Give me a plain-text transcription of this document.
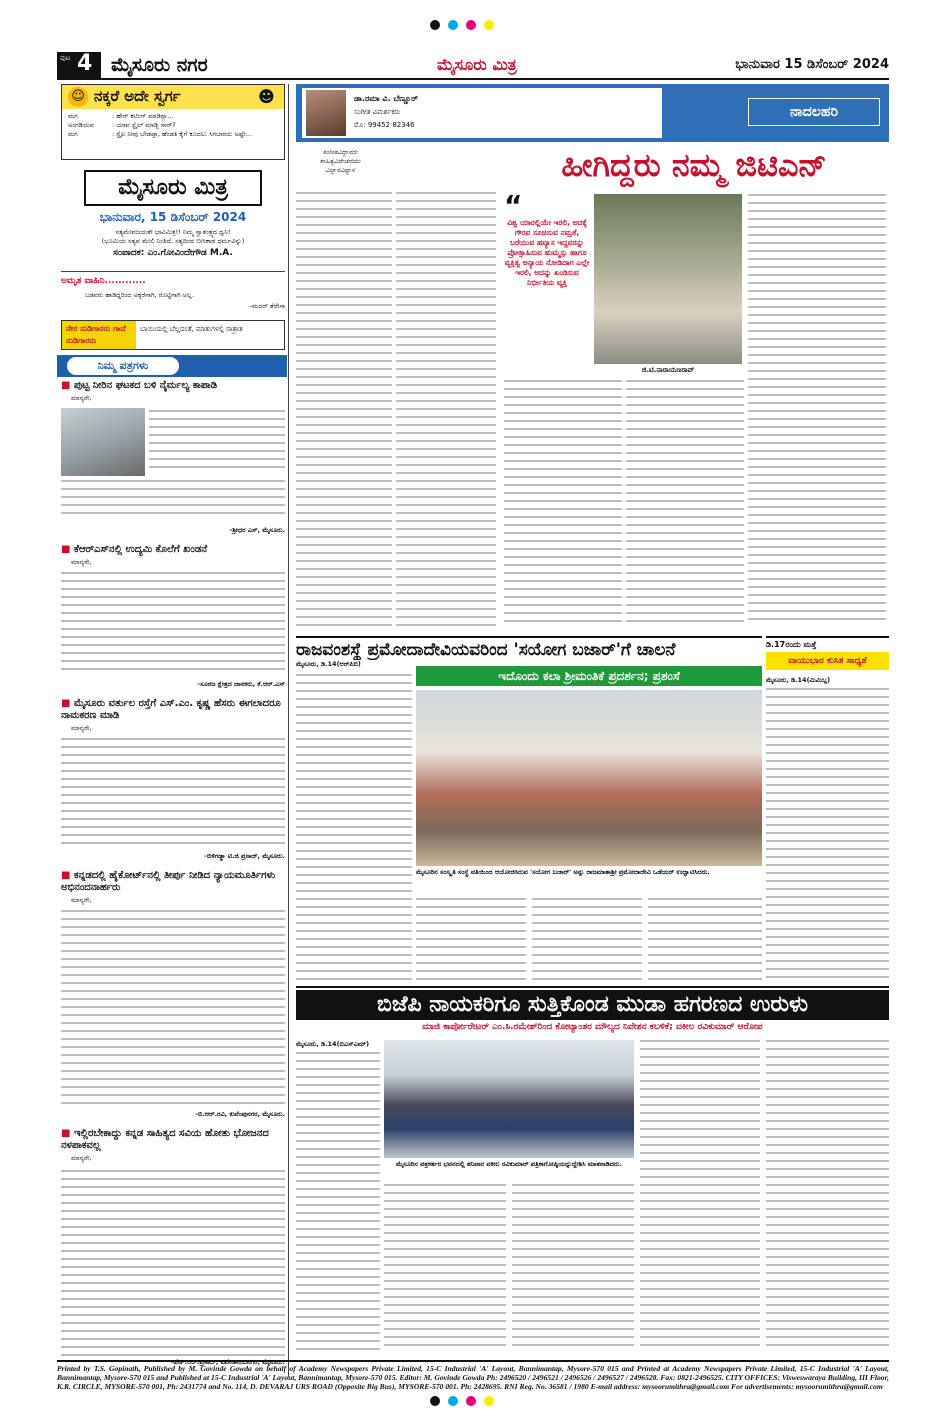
ಪುಟ 4 ಮೈಸೂರು ನಗರ	ಮೈಸೂರು ಮಿತ್ರ	ಭಾನುವಾರ 15 ಡಿಸೆಂಬರ್ 2024
☺ ನಕ್ಕರೆ ಅದೇ ಸ್ವರ್ಗ	☻
ಮಗ	: ಹೇರ್ ಕಟಿಂಗ್ ಮಾಡಿಸ್ಲಾ...
ಅಂಗಡಿಯವ	: ಯಾವ ಸ್ಟೈಲ್ ಮಾಡ್ಬಿ ಸಾರ್?
ಮಗ	: ಸ್ಟೈಲ ನೀವು ಬೇಡಪ್ಪಾ, ಹೆಂಡತಿ ಕೈಗೆ ಕೂದಲು ಸಿಗಬಾರದು ಅಷ್ಟೇ...
ಮೈಸೂರು ಮಿತ್ರ
ಭಾನುವಾರ, 15 ಡಿಸೆಂಬರ್ 2024
ಸತ್ಯಮೇವಜಯತೇ ಭಾವಿಮಿತ್ರ!! ನಿಮ್ಮ ಸ್ವಾತಂತ್ರ್ಯದ ಧ್ವನಿ!
(ಭೂಮಿಯ ಸತ್ಯವ ಮೇಲಿ ನಿಂತಿದೆ, ಸತ್ಯದಿಂದ ಬೀಸಿಕಾಡ ಧರ್ಮವಿನ್ನು)
ಸಂಪಾದಕ: ಎಂ.ಗೋವಿಂದೇಗೌಡ M.A.
ಅಮೃತ ವಾಹಿನಿ............
ಬಡವರು ಹಾಡಿದ್ದರಿಂದ ಅಕ್ಕರೆಗಾಗಿ, ರೊಟ್ಟಿಗಾಗಿ ಅಲ್ಲ.
-ಮದರ್ ತೆರೇಸಾ
ನೇರ ನುಡಿಗಾರರು ಗಾದೆ ನುಡಿಗಾರರು
ಬಾಯಿಯಲ್ಲಿ ಬೆಲ್ಲದಂತೆ, ಮಾತುಗಳಲ್ಲಿ ರಾತ್ರಾತ
ನಿಮ್ಮ ಪತ್ರಗಳು
■ ಪುಟ್ಟ ನೀರಿನ ಘಟಕದ ಬಳಿ ನೈರ್ಮಲ್ಯ ಕಾಪಾಡಿ
ಮಾನ್ಯರೇ,
-ಶ್ರೀಧರ ಎಸ್, ಮೈಸೂರು.
■ ಕೆಆರ್‌ಎಸ್‌ನಲ್ಲಿ ಉದ್ಯಮಿ ಕೊಲೆಗೆ ಖಂಡನೆ
ಮಾನ್ಯರೇ,
-ಸೂರಜ ಕ್ಷೇತ್ರದ ದಾನಕರು, ಕೆ.ಆರ್.ಎಸ್
■ ಮೈಸೂರು ವರ್ತುಲ ರಸ್ತೆಗೆ ಎಸ್.ಎಂ. ಕೃಷ್ಣ ಹೆಸರು ಈಗಲಾದರೂ ನಾಮಕರಣ ಮಾಡಿ
ಮಾನ್ಯರೇ,
-ಬಿಳಿಗಡ್ಡಾ ಟಿ.ಜಿ ಪ್ರಸಾದ್, ಮೈಸೂರು.
■ ಕನ್ನಡದಲ್ಲಿ ಹೈಕೋರ್ಟ್‌ನಲ್ಲಿ ತೀರ್ಪು ನೀಡಿದ ನ್ಯಾಯಮೂರ್ತಿಗಳು ಅಭಿನಂದನಾರ್ಹರು
ಮಾನ್ಯರೇ,
-ಬಿ.ಆರ್.ರವಿ, ಕುವೆಂಪುನಗರ, ಮೈಸೂರು.
■ ಇಲ್ಲಿರಬೇಕಾದ್ದು ಕನ್ನಡ ಸಾಹಿತ್ಯದ ಸವಿಯ ಹೋತು ಭೋಜನದ ನಳಪಾಕವಲ್ಲ
ಮಾನ್ಯರೇ,
-ಹೆಚ್.ಆರ್.ಪ್ರಸಾದ್, ವಿವೇಕಾನಂದನಗರ, ಮೈಸೂರು.
ಡಾ.ರಮಾ ವಿ. ಬೆಣ್ಣೂರ್
ಸಂಗೀತ ವಿಮರ್ಶಕರು
ಮೊ: 99452 82346
ನಾದಲಹರಿ
ಹೀಗಿದ್ದರು ನಮ್ಮ ಜಿಟಿಎನ್
ಸಂಗೀತವಿದ್ದಾನರು ಸಾಹಿತ್ಯವಿವೇಚನೆಯು ವಿಜ್ಞಾನವಿಧ್ಯಾನ
“
ವಿಶ್ವ ಯಾರಲ್ಲಿಯೇ ಇರಲಿ, ಅದಕ್ಕೆ ಗೌರವ ಸೂಚಿಸುವ ನಮ್ರತೆ, ಬರೆಯುವ ಹವ್ಯಾಸ ಇದ್ದವರನ್ನು ಪ್ರೋತ್ಸಾಹಿಸುವ ಹುಮ್ಮಸ್ಸು ಹಾಗೂ ವ್ಯಕ್ತಿತ್ವ ಅನ್ಯಾಯ ನೋಡಿದಾಗ ಎಲ್ಲೇ ಇರಲಿ, ಅದನ್ನು ಖಂಡಿಸುವ ನಿರ್ಭೀತಿಯ ವ್ಯಕ್ತಿ
ಜಿ.ಟಿ.ನಾರಾಯಣರಾವ್
ರಾಜವಂಶಸ್ಥೆ ಪ್ರಮೋದಾದೇವಿಯವರಿಂದ 'ಸಯೋಗ ಬಜಾರ್'ಗೆ ಚಾಲನೆ
ಮೈಸೂರು, ಡಿ.14(ಆರ್‌ಪಿಬಿ)
ಇದೊಂದು ಕಲಾ ಶ್ರೀಮಂತಿಕೆ ಪ್ರದರ್ಶನ; ಪ್ರಶಂಸೆ
ಮೈಸೂರಿನ ಸಂಸ್ಕೃತಿ ಸಂಸ್ಥೆ ವತಿಯಿಂದ ಆಯೋಜಿಸಿರುವ 'ಸಯೋಗ ಬಜಾರ್' ಅನ್ನು ರಾಜಮಾತಾಶ್ರೀ ಪ್ರಮೋದಾದೇವಿ ಒಡೆಯರ್ ಉದ್ಘಾಟಿಸಿದರು.
ಡಿ.17ರಂದು ಮತ್ತೆ
ವಾಯುಭಾರ ಕುಸಿತ ಸಾಧ್ಯತೆ
ಮೈಸೂರು, ಡಿ.14(ಮಿಮಿಬ್ಲ)
ಬಿಜೆಪಿ ನಾಯಕರಿಗೂ ಸುತ್ತಿಕೊಂಡ ಮುಡಾ ಹಗರಣದ ಉರುಳು
ಮಾಜಿ ಕಾರ್ಪೋರೇಟರ್ ಎಂ.ಸಿ.ರಮೇಶ್‌ರಿಂದ ಕೋಟ್ಯಾಂತರ ಮೌಲ್ಯದ ನಿವೇಶನ ಕಬಳಿಕೆ; ವಕೀಲ ರವಿಕುಮಾರ್ ಆರೋಪ
ಮೈಸೂರು, ಡಿ.14(ಬಿಎಸ್‌ಎಮ್)
ಮೈಸೂರಿನ ಪತ್ರಕರ್ತರ ಭವನದಲ್ಲಿ ಶನಿವಾರ ವಕೀಲ ರವಿಕುಮಾರ್ ಪತ್ರಿಕಾಗೋಷ್ಠಿಯನ್ನುದ್ದೇಶಿಸಿ ಮಾತನಾಡಿದರು.
Printed by T.S. Gopinath, Published by M. Govinde Gowda on behalf of Academy Newspapers Private Limited, 15-C Industrial 'A' Layout, Bannimantap, Mysore-570 015 and Printed at Academy Newspapers Private Limited, 15-C Industrial 'A' Layout, Bannimantap, Mysore-570 015 and Published at 15-C Industrial 'A' Layout, Bannimantap, Mysore-570 015. Editor: M. Govinde Gowda Ph: 2496520 / 2496521 / 2496526 / 2496527 / 2496528. Fax: 0821-2496525. CITY OFFICES: Visweswaraya Building, III Floor, K.R. CIRCLE, MYSORE-570 001, Ph: 2431774 and No. 114, D. DEVARAJ URS ROAD (Opposite Big Bus), MYSORE-570 001. Ph: 2428695. RNI Reg. No. 36581 / 1980 E-mail address: mysoorumithra@gmail.com For advertisements: mysoorumithra@gmail.com
